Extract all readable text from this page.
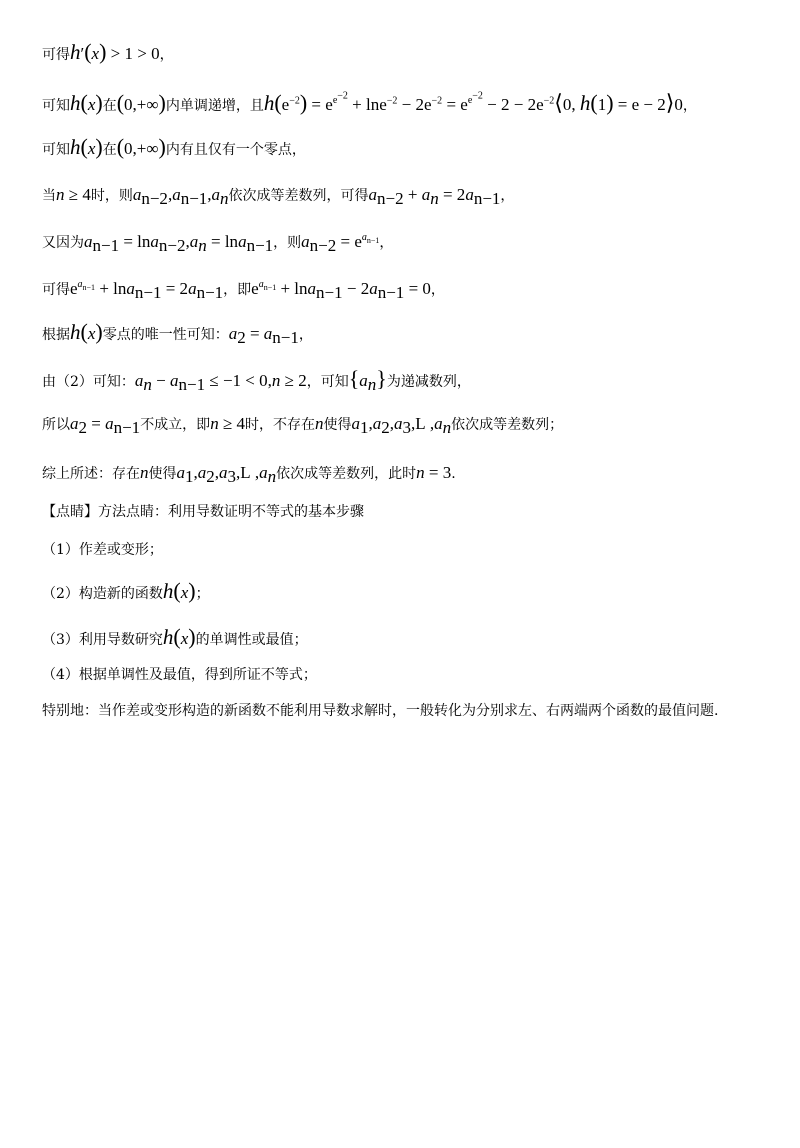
可得h′(x) > 1 > 0，
可知h(x)在(0,+∞)内单调递增，且$h(e^{-2}) = e^{e^{-2}} + \ln e^{-2} - 2e^{-2} = e^{e^{-2}} - 2$ − $2e^{-2}⟨0$, h(1) = e − 2⟩0，
可知h(x)在(0,+∞)内有且仅有一个零点，
当n ≥ 4时，则$a_{n-2},a_{n-1},a_n$依次成等差数列，可得$a_{n-2} + a_n = 2a_{n-1}$，
又因为$a_{n-1} = \ln a_{n-2},a_n = \ln a_{n-1}$，则$a_{n-2} = e^{a_{n-1}}$，
可得$e^{a_{n-1}} + \ln a_{n-1} = 2a_{n-1}$，即$e^{a_{n-1}} + \ln a_{n-1} - 2a_{n-1} = 0$，
根据h(x)零点的唯一性可知：$a_2 = a_{n-1}$，
由（2）可知：$a_n - a_{n-1} \le -1 < 0,n \ge 2$，可知$\{a_n\}$为递减数列，
所以$a_2 = a_{n-1}$不成立，即n ≥ 4时，不存在n使得$a_1,a_2,a_3,L$ $,a_n$依次成等差数列；
综上所述：存在n使得$a_1,a_2,a_3,L$ $,a_n$依次成等差数列，此时n = 3.
【点睛】方法点睛：利用导数证明不等式的基本步骤
（1）作差或变形；
（2）构造新的函数h(x)；
（3）利用导数研究h(x)的单调性或最值；
（4）根据单调性及最值，得到所证不等式；
特别地：当作差或变形构造的新函数不能利用导数求解时，一般转化为分别求左、右两端两个函数的最值问题.
